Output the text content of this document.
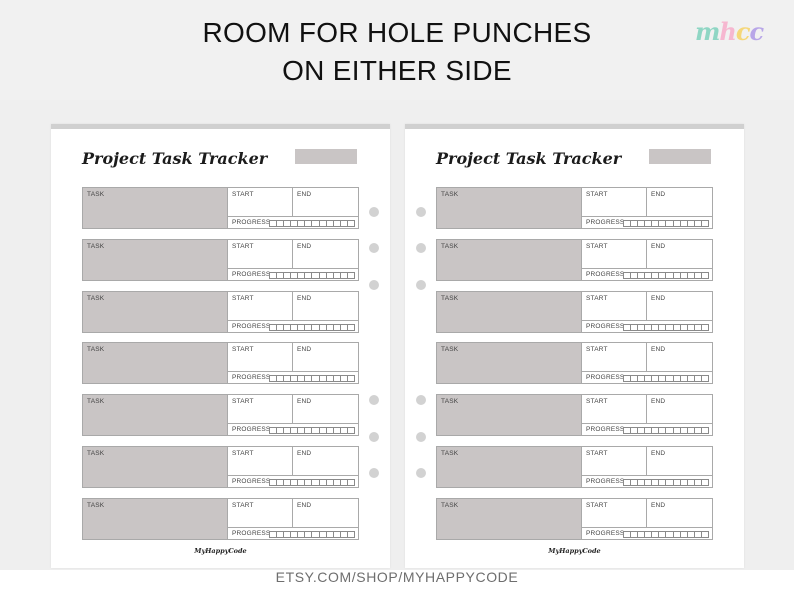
ROOM FOR HOLE PUNCHES
ON EITHER SIDE
mhcc
Project Task Tracker
TASK	START	END
PROGRESS
TASK	START	END
PROGRESS
TASK	START	END
PROGRESS
TASK	START	END
PROGRESS
TASK	START	END
PROGRESS
TASK	START	END
PROGRESS
TASK	START	END
PROGRESS
MyHappyCode
Project Task Tracker
TASK	START	END
PROGRESS
TASK	START	END
PROGRESS
TASK	START	END
PROGRESS
TASK	START	END
PROGRESS
TASK	START	END
PROGRESS
TASK	START	END
PROGRESS
TASK	START	END
PROGRESS
MyHappyCode
ETSY.COM/SHOP/MYHAPPYCODE
